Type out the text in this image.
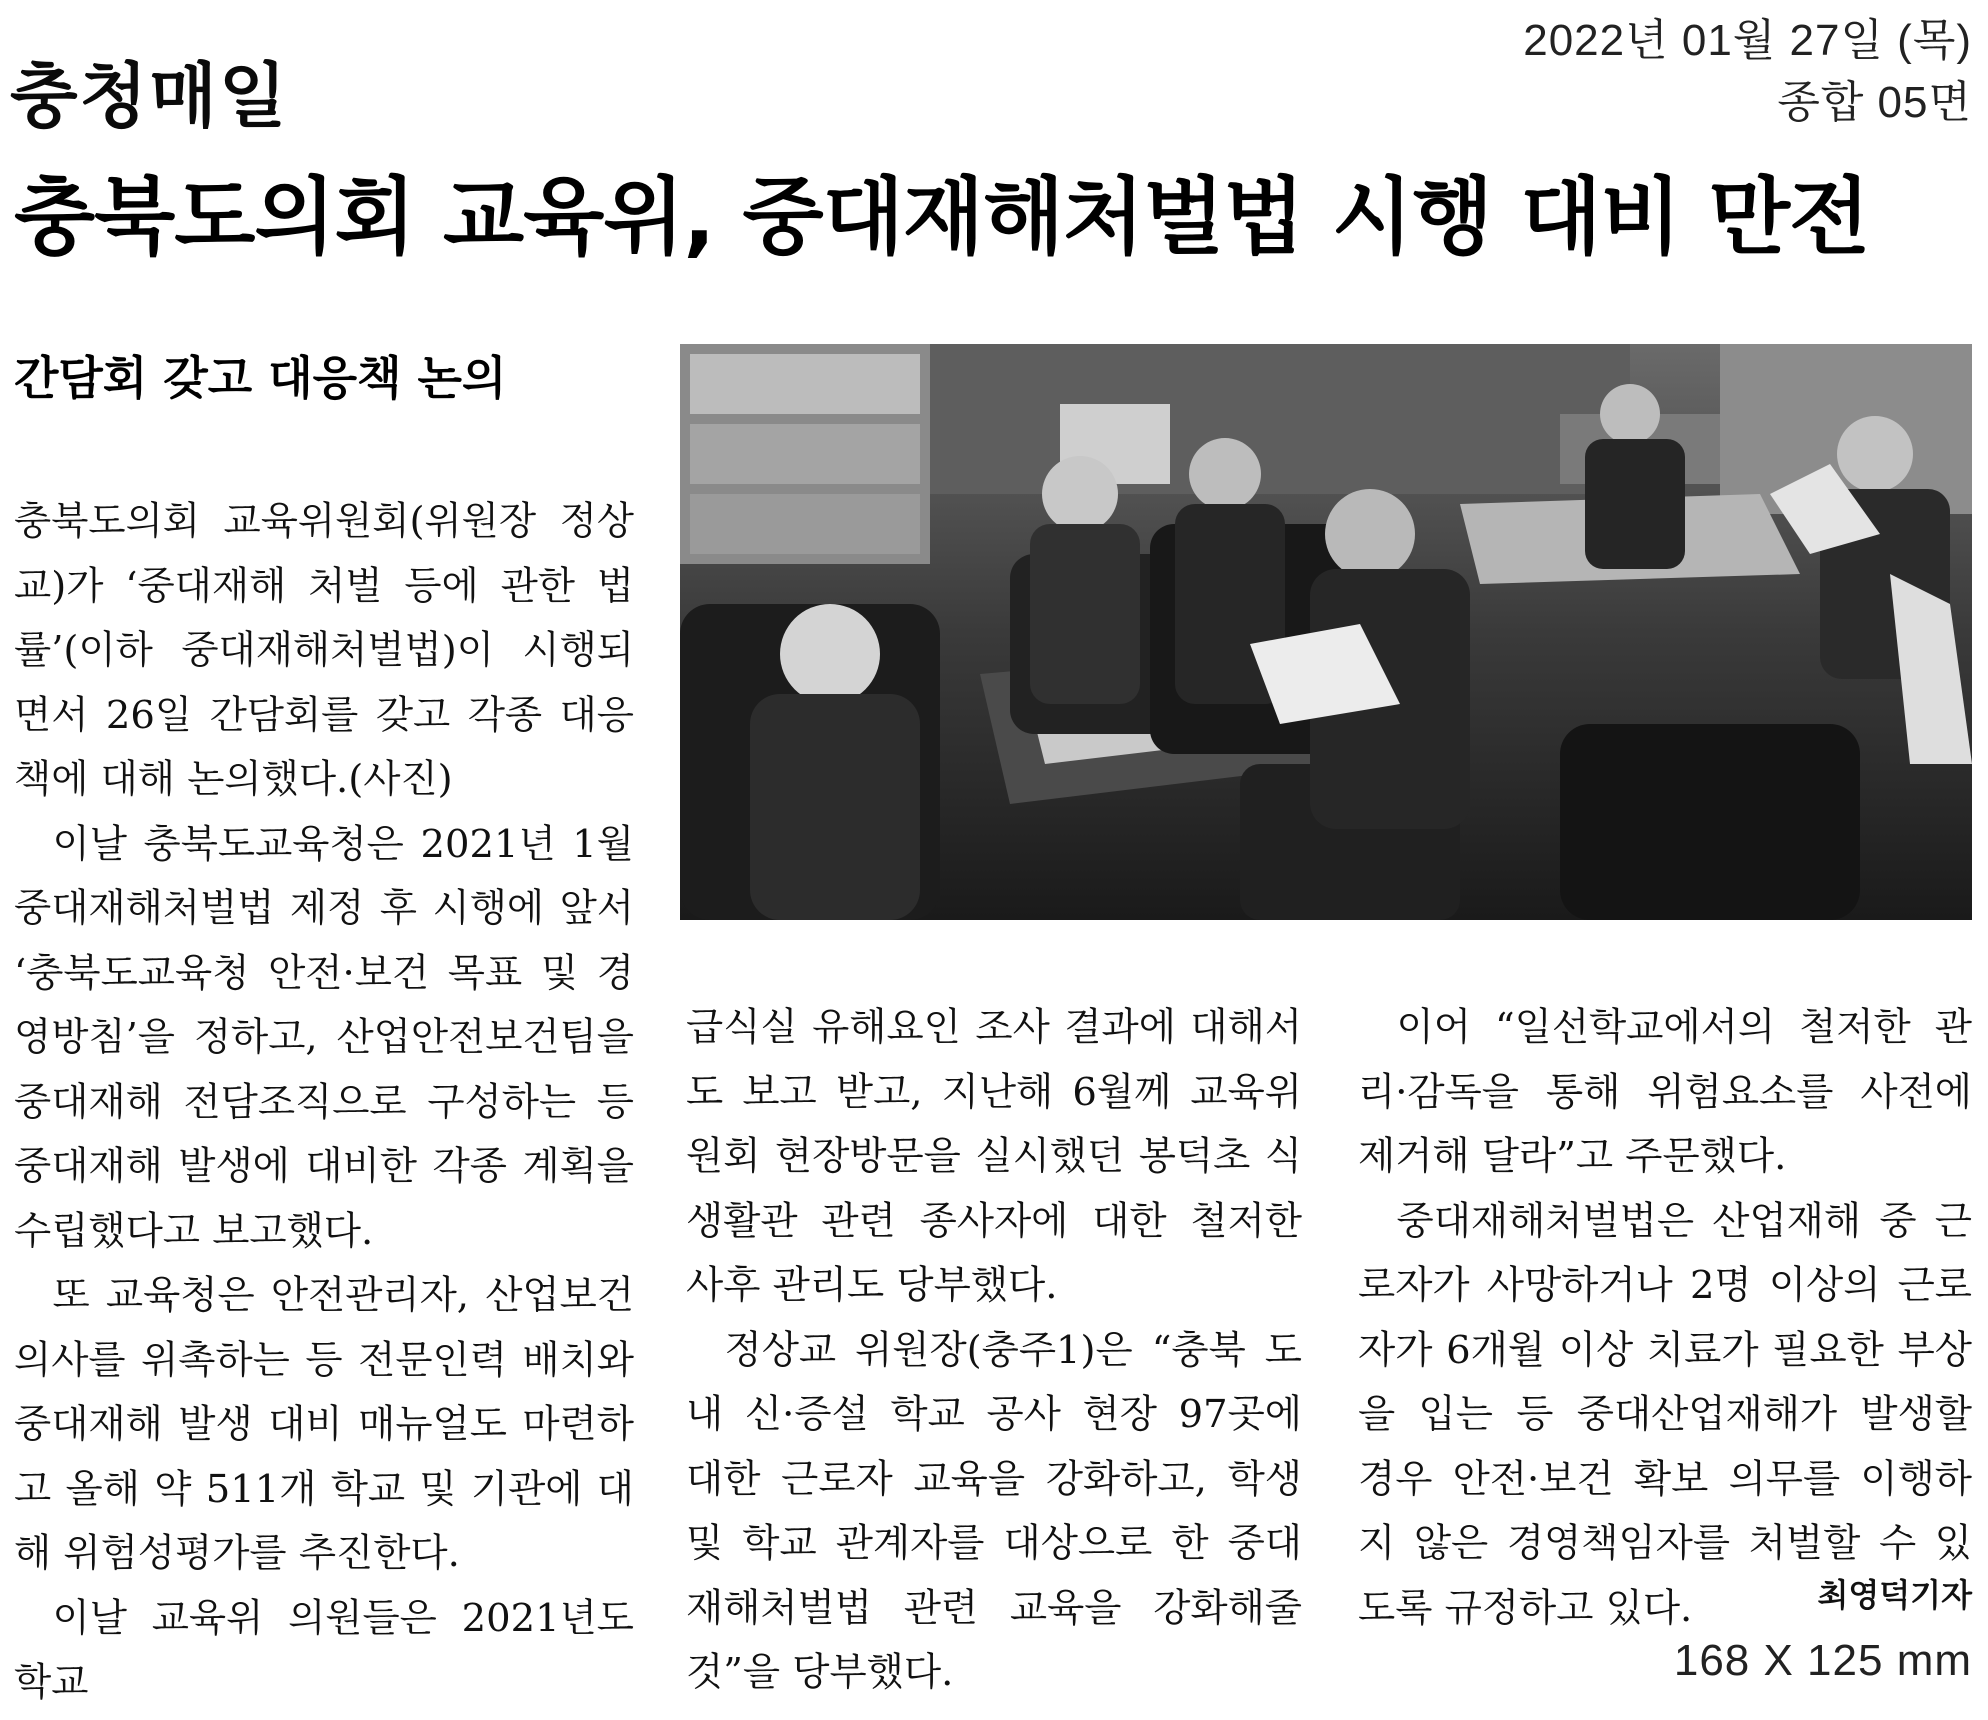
2022년 01월 27일 (목)
종합 05면
충청매일
충북도의회 교육위, 중대재해처벌법 시행 대비 만전
간담회 갖고 대응책 논의

충북도의회 교육위원회(위원장 정상교)가 ‘중대재해 처벌 등에 관한 법률’(이하 중대재해처벌법)이 시행되면서 26일 간담회를 갖고 각종 대응책에 대해 논의했다.(사진)

이날 충북도교육청은 2021년 1월 중대재해처벌법 제정 후 시행에 앞서 ‘충북도교육청 안전·보건 목표 및 경영방침’을 정하고, 산업안전보건팀을 중대재해 전담조직으로 구성하는 등 중대재해 발생에 대비한 각종 계획을 수립했다고 보고했다.

또 교육청은 안전관리자, 산업보건의사를 위촉하는 등 전문인력 배치와 중대재해 발생 대비 매뉴얼도 마련하고 올해 약 511개 학교 및 기관에 대해 위험성평가를 추진한다.

이날 교육위 의원들은 2021년도 학교

급식실 유해요인 조사 결과에 대해서도 보고 받고, 지난해 6월께 교육위원회 현장방문을 실시했던 봉덕초 식생활관 관련 종사자에 대한 철저한 사후 관리도 당부했다.

정상교 위원장(충주1)은 “충북 도내 신·증설 학교 공사 현장 97곳에 대한 근로자 교육을 강화하고, 학생 및 학교 관계자를 대상으로 한 중대재해처벌법 관련 교육을 강화해줄 것”을 당부했다.

이어 “일선학교에서의 철저한 관리·감독을 통해 위험요소를 사전에 제거해 달라”고 주문했다.

중대재해처벌법은 산업재해 중 근로자가 사망하거나 2명 이상의 근로자가 6개월 이상 치료가 필요한 부상을 입는 등 중대산업재해가 발생할 경우 안전·보건 확보 의무를 이행하지 않은 경영책임자를 처벌할 수 있도록 규정하고 있다.	최영덕기자
168 X 125 mm
